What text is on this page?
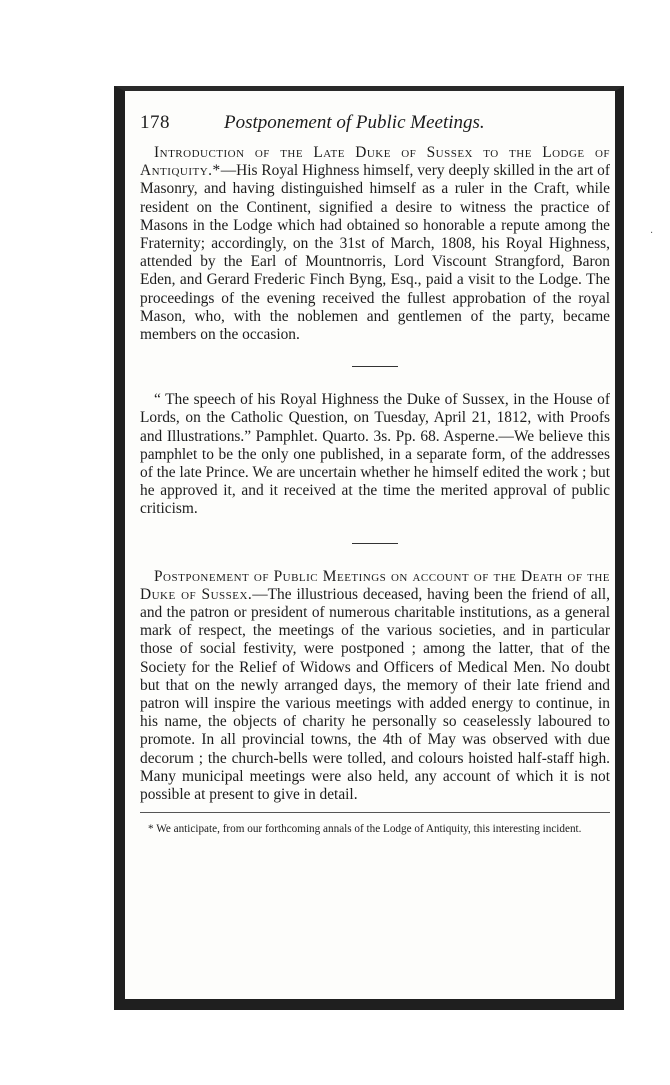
178	Postponement of Public Meetings.

Introduction of the Late Duke of Sussex to the Lodge of Antiquity.*—His Royal Highness himself, very deeply skilled in the art of Masonry, and having distinguished himself as a ruler in the Craft, while resident on the Continent, signified a desire to witness the practice of Masons in the Lodge which had obtained so honorable a repute among the Fraternity; accordingly, on the 31st of March, 1808, his Royal Highness, attended by the Earl of Mountnorris, Lord Viscount Strangford, Baron Eden, and Gerard Frederic Finch Byng, Esq., paid a visit to the Lodge. The proceedings of the evening received the fullest approbation of the royal Mason, who, with the noblemen and gentlemen of the party, became members on the occasion.

“ The speech of his Royal Highness the Duke of Sussex, in the House of Lords, on the Catholic Question, on Tuesday, April 21, 1812, with Proofs and Illustrations.” Pamphlet. Quarto. 3s. Pp. 68. Asperne.—We believe this pamphlet to be the only one published, in a separate form, of the addresses of the late Prince. We are uncertain whether he himself edited the work ; but he approved it, and it received at the time the merited approval of public criticism.

Postponement of Public Meetings on account of the Death of the Duke of Sussex.—The illustrious deceased, having been the friend of all, and the patron or president of numerous charitable institutions, as a general mark of respect, the meetings of the various societies, and in particular those of social festivity, were postponed ; among the latter, that of the Society for the Relief of Widows and Officers of Medical Men. No doubt but that on the newly arranged days, the memory of their late friend and patron will inspire the various meetings with added energy to continue, in his name, the objects of charity he personally so ceaselessly laboured to promote. In all provincial towns, the 4th of May was observed with due decorum ; the church-bells were tolled, and colours hoisted half-staff high. Many municipal meetings were also held, any account of which it is not possible at present to give in detail.

* We anticipate, from our forthcoming annals of the Lodge of Antiquity, this interesting incident.

·
